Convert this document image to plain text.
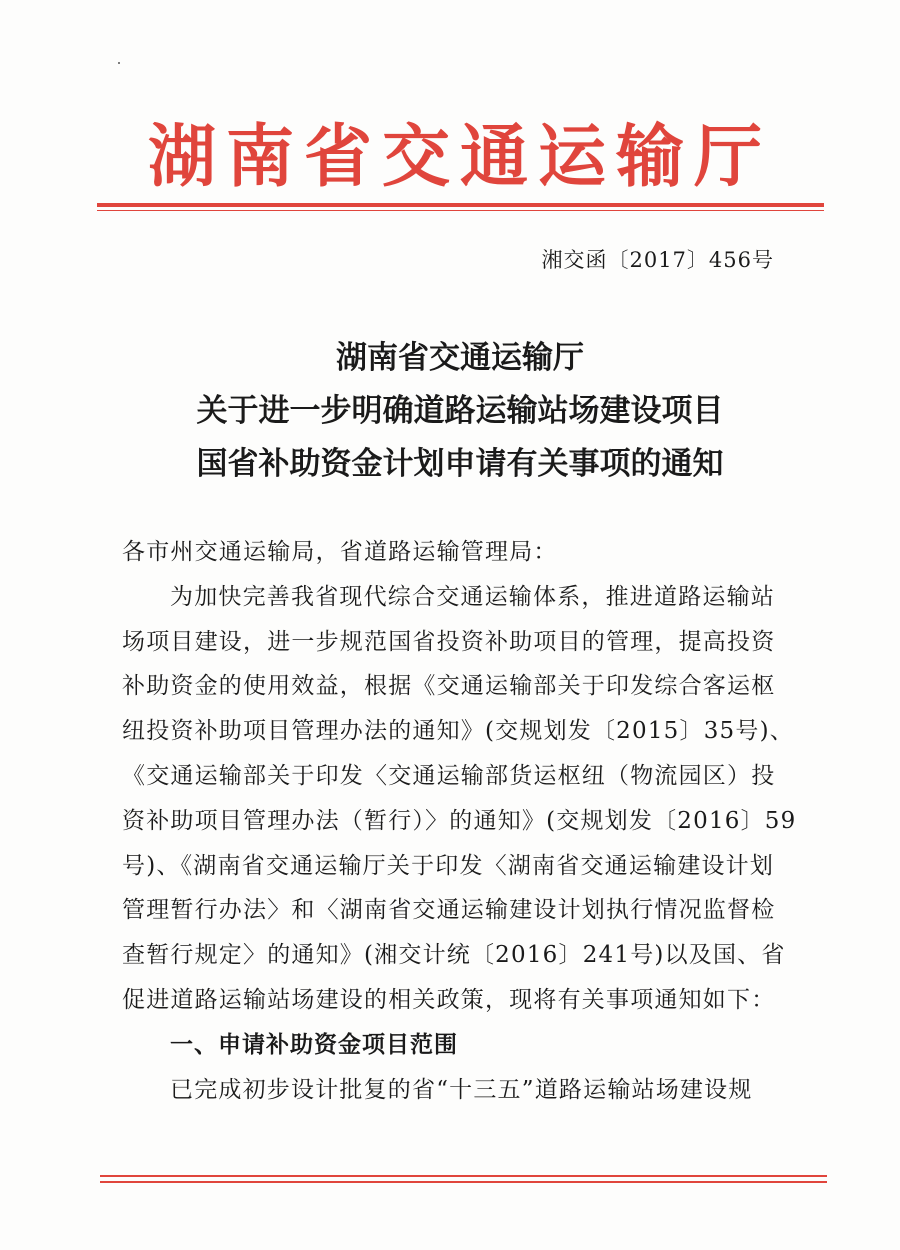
湖南省交通运输厅
湘交函〔2017〕456号
湖南省交通运输厅
关于进一步明确道路运输站场建设项目
国省补助资金计划申请有关事项的通知
各市州交通运输局，省道路运输管理局：
为加快完善我省现代综合交通运输体系，推进道路运输站
场项目建设，进一步规范国省投资补助项目的管理，提高投资
补助资金的使用效益，根据《交通运输部关于印发综合客运枢
纽投资补助项目管理办法的通知》(交规划发〔2015〕35号)、
《交通运输部关于印发〈交通运输部货运枢纽（物流园区）投
资补助项目管理办法（暂行）〉的通知》(交规划发〔2016〕59
号)、《湖南省交通运输厅关于印发〈湖南省交通运输建设计划
管理暂行办法〉和〈湖南省交通运输建设计划执行情况监督检
查暂行规定〉的通知》(湘交计统〔2016〕241号)以及国、省
促进道路运输站场建设的相关政策，现将有关事项通知如下：
一、申请补助资金项目范围
已完成初步设计批复的省“十三五”道路运输站场建设规
